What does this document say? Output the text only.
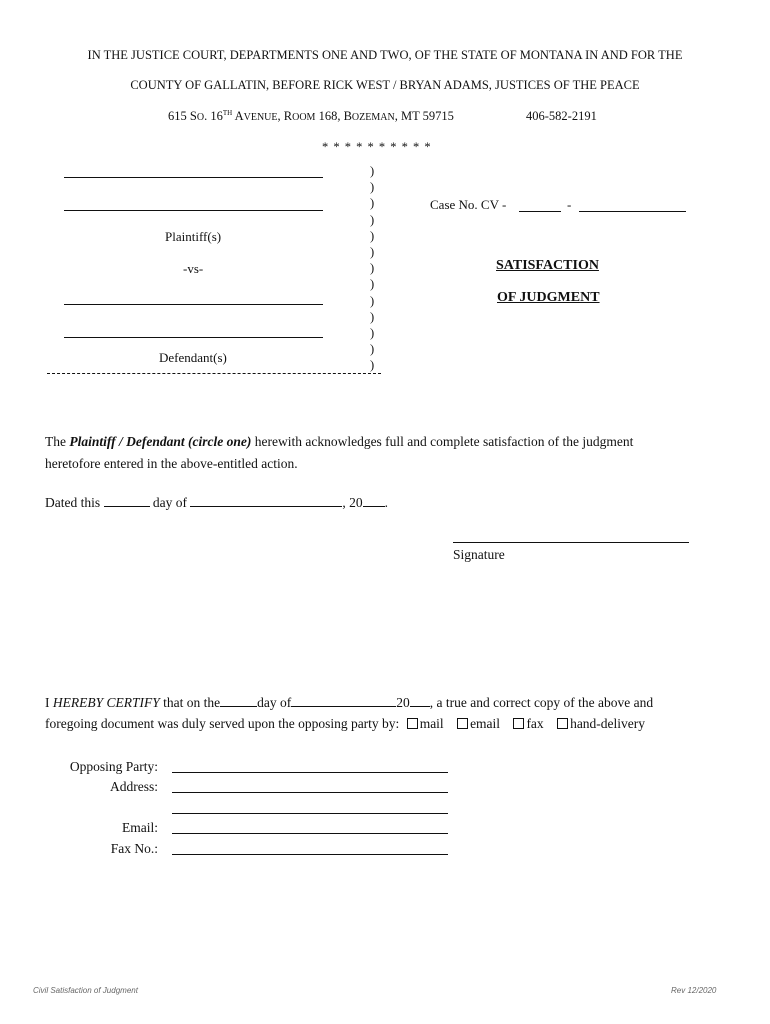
IN THE JUSTICE COURT, DEPARTMENTS ONE AND TWO, OF THE STATE OF MONTANA IN AND FOR THE
COUNTY OF GALLATIN, BEFORE RICK WEST / BRYAN ADAMS, JUSTICES OF THE PEACE
615 SO. 16TH AVENUE, ROOM 168, BOZEMAN, MT 59715	406-582-2191
* * * * * * * * * *
Plaintiff(s)
-vs-
Defendant(s)
)
)
)
)
)
)
)
)
)
)
)
)
)
Case No. CV -	-
SATISFACTION
OF JUDGMENT
The Plaintiff / Defendant (circle one) herewith acknowledges full and complete satisfaction of the judgment
heretofore entered in the above-entitled action.
Dated this	day of	, 20 .
Signature
I HEREBY CERTIFY that on the	day of	20 , a true and correct copy of the above and
foregoing document was duly served upon the opposing party by: mail email fax hand-delivery
Opposing Party:
Address:
Email:
Fax No.:
Civil Satisfaction of Judgment	Rev 12/2020
